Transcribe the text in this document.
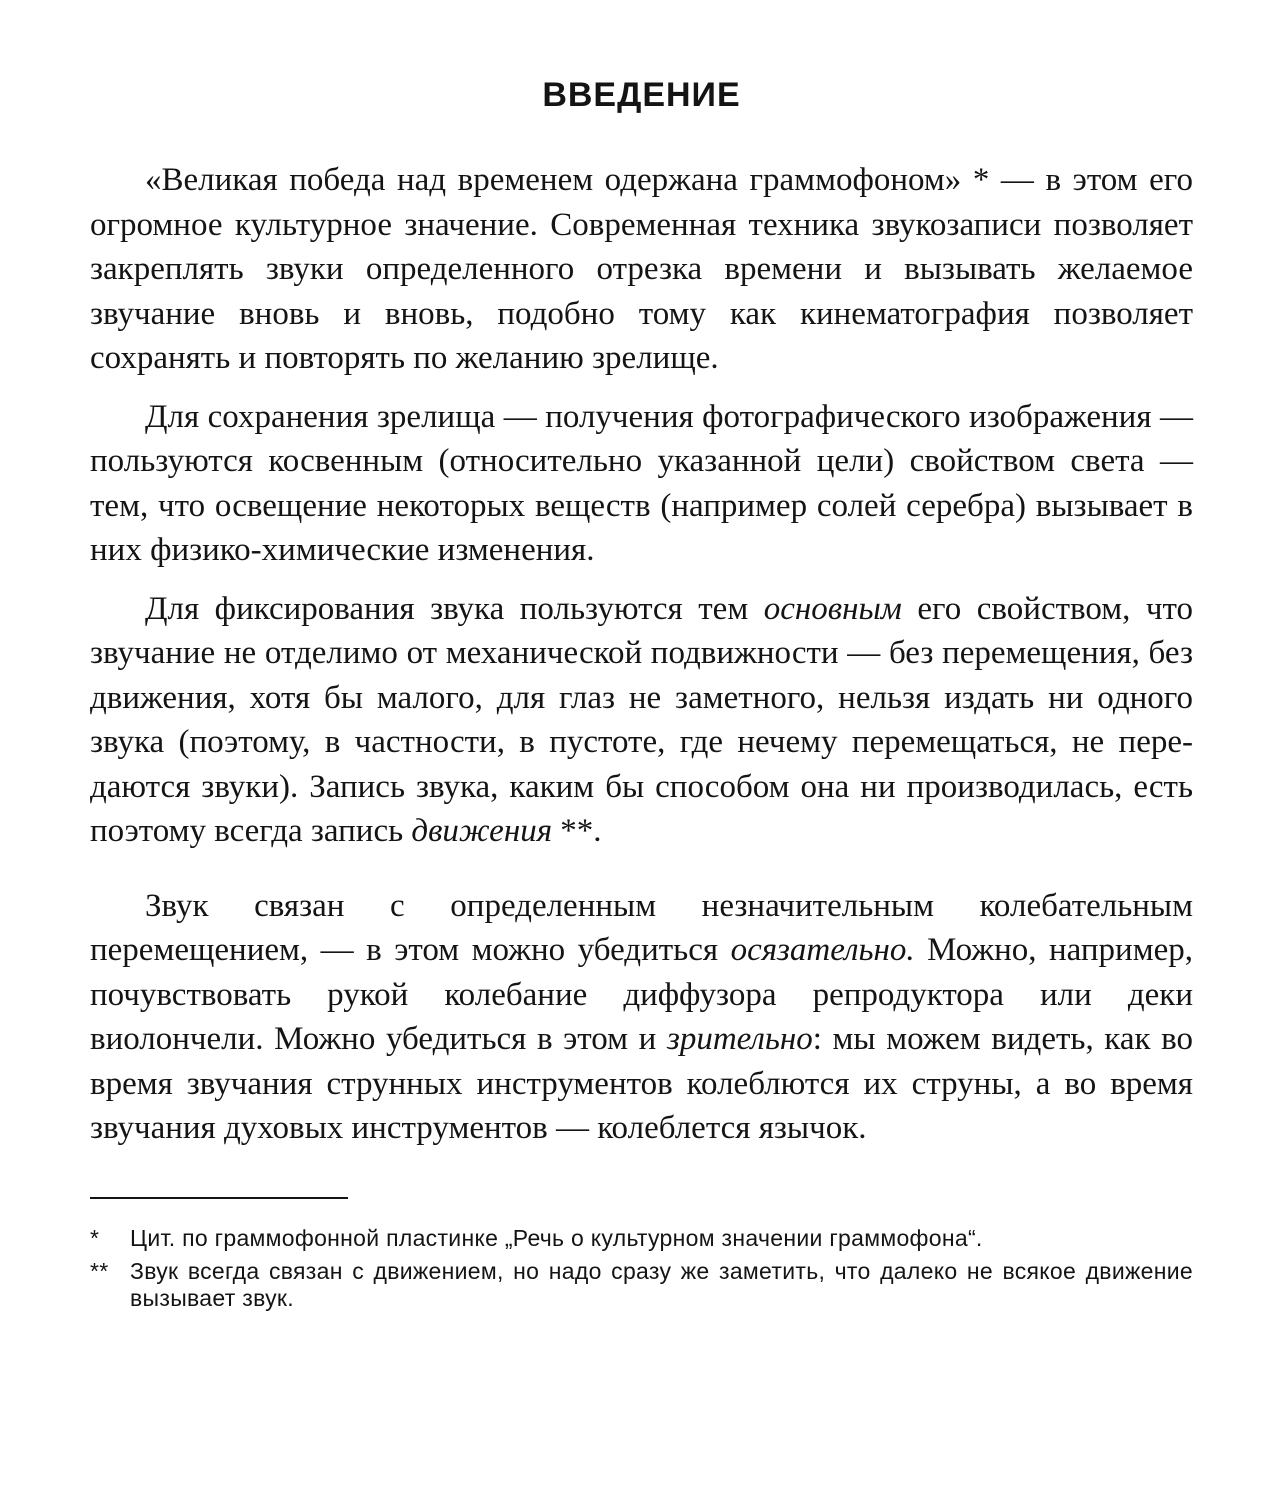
ВВЕДЕНИЕ

«Великая победа над временем одержана граммофоном» * — в этом его огромное культурное значение. Современная техника звукозаписи позволяет закреплять звуки определенного отрезка времени и вызывать желаемое звучание вновь и вновь, подобно тому как кинематография позволяет сохранять и повторять по желанию зрелище.

Для сохранения зрелища — получения фотографического изображения — пользуются косвенным (относительно указанной цели) свойством света — тем, что освещение некоторых веществ (например солей серебра) вызывает в них физико-химические изменения.

Для фиксирования звука пользуются тем основным его свойством, что звучание не отделимо от механической подвижности — без перемещения, без движения, хотя бы малого, для глаз не заметного, нельзя издать ни одного звука (поэтому, в частности, в пустоте, где нечему перемещаться, не передаются звуки). Запись звука, каким бы способом она ни производилась, есть поэтому всегда запись движения **.

Звук связан с определенным незначительным колебательным перемещением, — в этом можно убедиться осязательно. Можно, например, почувствовать рукой колебание диффузора репродуктора или деки виолончели. Можно убедиться в этом и зрительно: мы можем видеть, как во время звучания струнных инструментов колеблются их струны, а во время звучания духовых инструментов — колеблется язычок.

* Цит. по граммофонной пластинке „Речь о культурном значении граммофона“.

** Звук всегда связан с движением, но надо сразу же заметить, что далеко не всякое движение вызывает звук.
